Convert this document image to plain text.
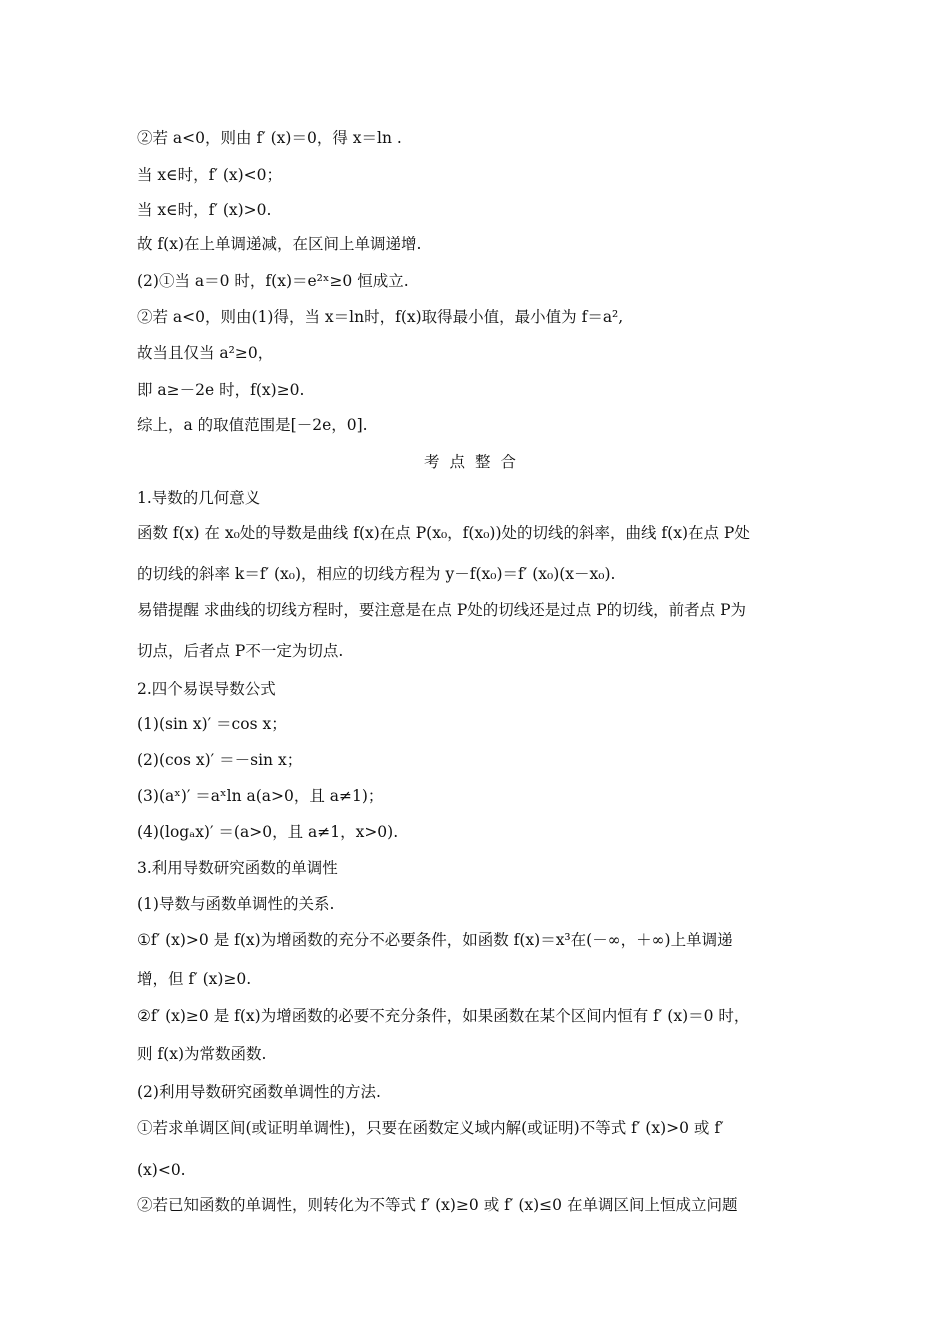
②若 a<0，则由 f′ (x)＝0，得 x＝ln .
当 x∈时，f′ (x)<0；
当 x∈时，f′ (x)>0.
故 f(x)在上单调递减，在区间上单调递增.
(2)①当 a＝0 时，f(x)＝e²ˣ≥0 恒成立.
②若 a<0，则由(1)得，当 x＝ln时，f(x)取得最小值，最小值为 f＝a²,
故当且仅当 a²≥0，
即 a≥－2e 时，f(x)≥0.
综上，a 的取值范围是[－2e，0].
考点整合
1.导数的几何意义
函数 f(x) 在 x₀处的导数是曲线 f(x)在点 P(x₀，f(x₀))处的切线的斜率，曲线 f(x)在点 P处
的切线的斜率 k＝f′ (x₀)，相应的切线方程为 y－f(x₀)＝f′ (x₀)(x－x₀).
易错提醒 求曲线的切线方程时，要注意是在点 P处的切线还是过点 P的切线，前者点 P为
切点，后者点 P不一定为切点.
2.四个易误导数公式
(1)(sin x)′ ＝cos x；
(2)(cos x)′ ＝－sin x；
(3)(aˣ)′ ＝aˣln a(a>0，且 a≠1)；
(4)(logₐx)′ ＝(a>0，且 a≠1，x>0).
3.利用导数研究函数的单调性
(1)导数与函数单调性的关系.
①f′ (x)>0 是 f(x)为增函数的充分不必要条件，如函数 f(x)＝x³在(－∞，＋∞)上单调递
增，但 f′ (x)≥0.
②f′ (x)≥0 是 f(x)为增函数的必要不充分条件，如果函数在某个区间内恒有 f′ (x)＝0 时，
则 f(x)为常数函数.
(2)利用导数研究函数单调性的方法.
①若求单调区间(或证明单调性)，只要在函数定义域内解(或证明)不等式 f′ (x)>0 或 f′
(x)<0.
②若已知函数的单调性，则转化为不等式 f′ (x)≥0 或 f′ (x)≤0 在单调区间上恒成立问题
